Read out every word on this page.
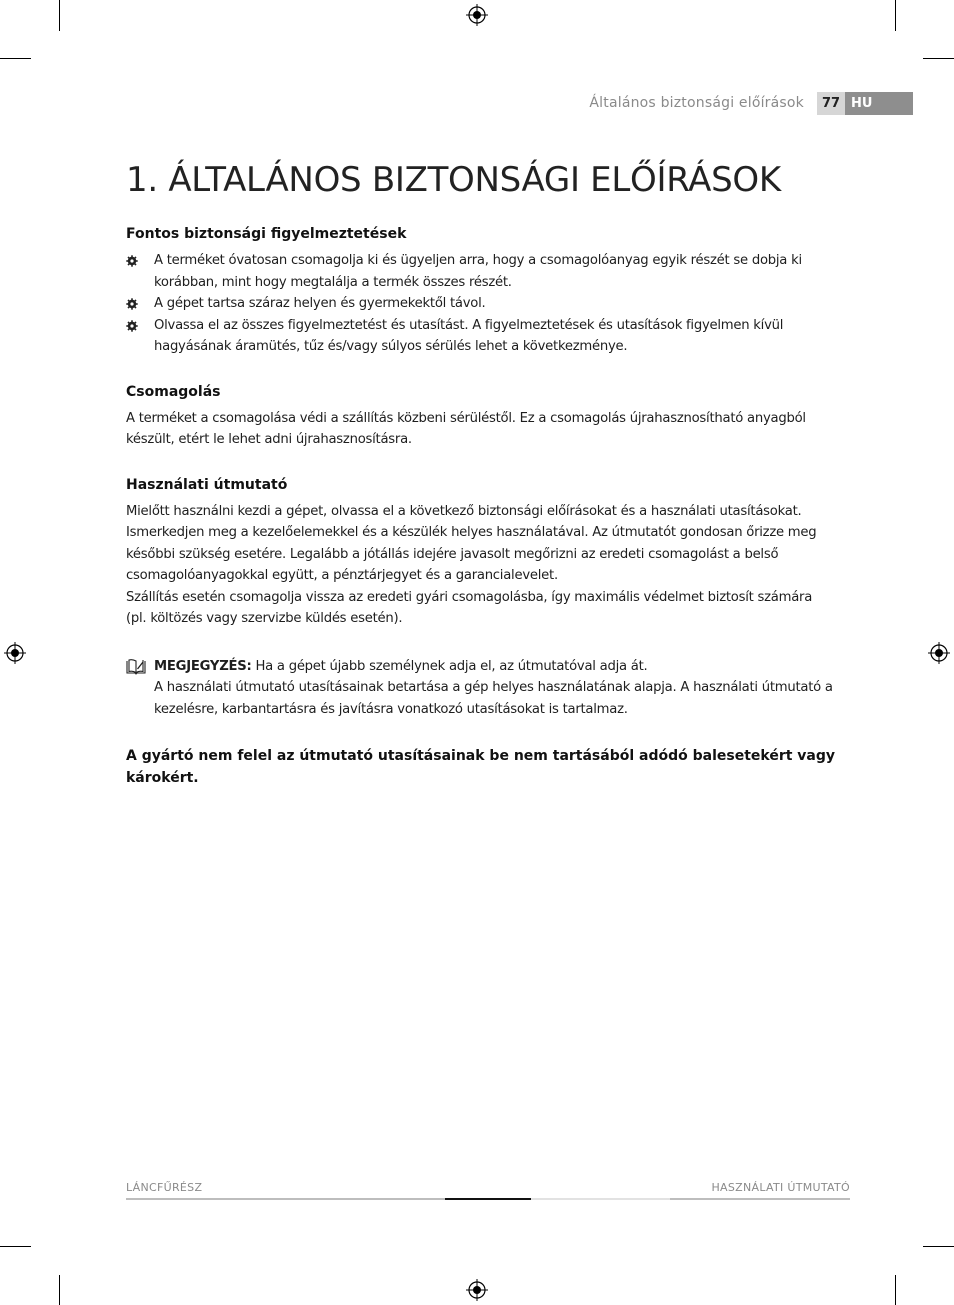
Általános biztonsági előírások	77 HU
1. ÁLTALÁNOS BIZTONSÁGI ELŐÍRÁSOK
Fontos biztonsági figyelmeztetések
A terméket óvatosan csomagolja ki és ügyeljen arra, hogy a csomagolóanyag egyik részét se dobja ki korábban, mint hogy megtalálja a termék összes részét.
A gépet tartsa száraz helyen és gyermekektől távol.
Olvassa el az összes figyelmeztetést és utasítást. A figyelmeztetések és utasítások figyelmen kívül hagyásának áramütés, tűz és/vagy súlyos sérülés lehet a következménye.
Csomagolás

A terméket a csomagolása védi a szállítás közbeni sérüléstől. Ez a csomagolás újrahasznosítható anyagból készült, etért le lehet adni újrahasznosításra.

Használati útmutató

Mielőtt használni kezdi a gépet, olvassa el a következő biztonsági előírásokat és a használati utasításokat. Ismerkedjen meg a kezelőelemekkel és a készülék helyes használatával. Az útmutatót gondosan őrizze meg későbbi szükség esetére. Legalább a jótállás idejére javasolt megőrizni az eredeti csomagolást a belső csomagolóanyagokkal együtt, a pénztárjegyet és a garancialevelet.

Szállítás esetén csomagolja vissza az eredeti gyári csomagolásba, így maximális védelmet biztosít számára (pl. költözés vagy szervizbe küldés esetén).

MEGJEGYZÉS: Ha a gépet újabb személynek adja el, az útmutatóval adja át.

A használati útmutató utasításainak betartása a gép helyes használatának alapja. A használati útmutató a kezelésre, karbantartásra és javításra vonatkozó utasításokat is tartalmaz.

A gyártó nem felel az útmutató utasításainak be nem tartásából adódó balesetekért vagy károkért.
LÁNCFŰRÉSZ	HASZNÁLATI ÚTMUTATÓ
